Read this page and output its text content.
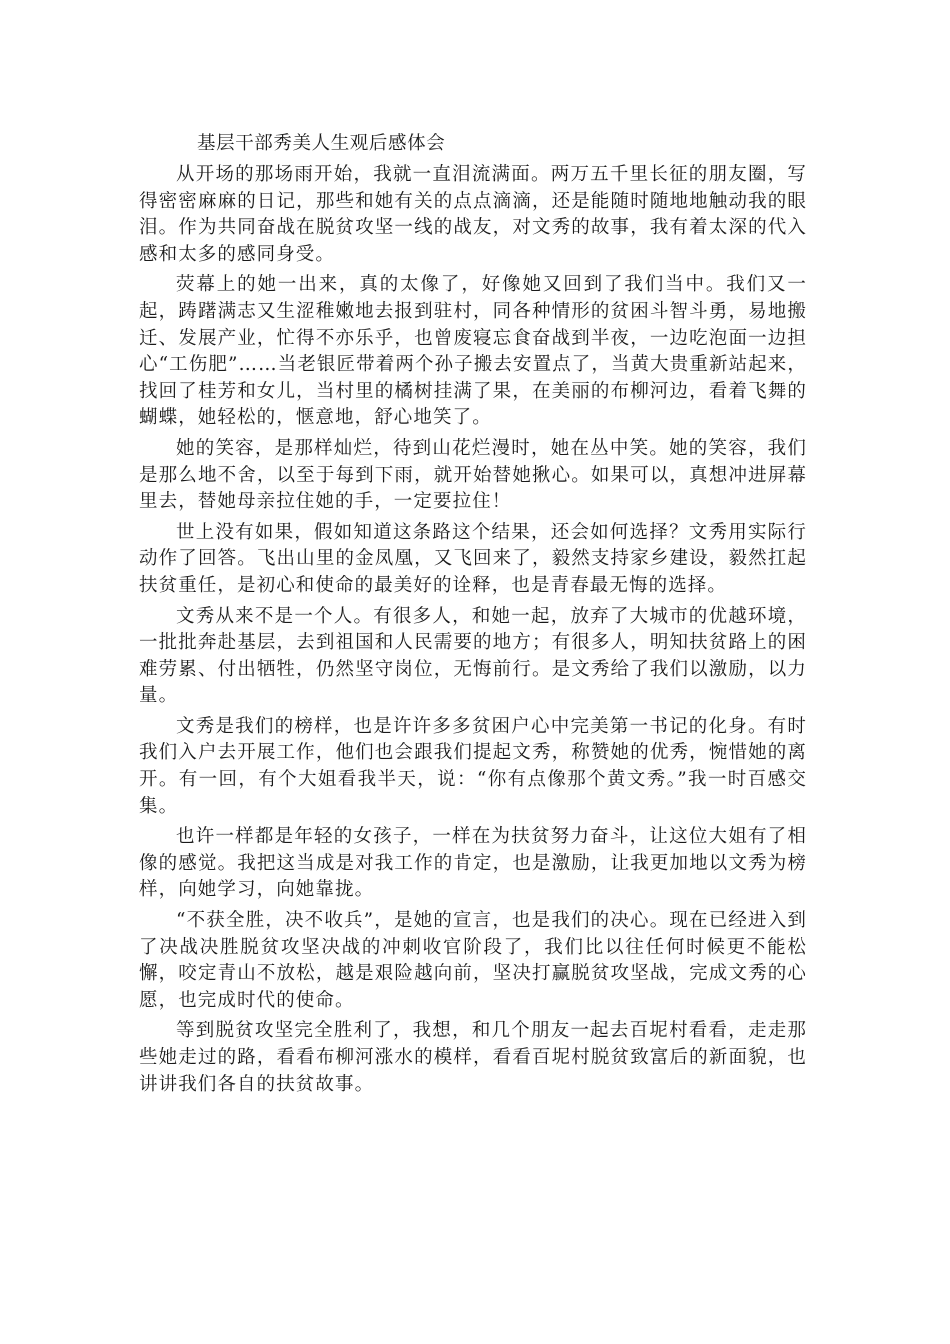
基层干部秀美人生观后感体会

从开场的那场雨开始，我就一直泪流满面。两万五千里长征的朋友圈，写得密密麻麻的日记，那些和她有关的点点滴滴，还是能随时随地地触动我的眼泪。作为共同奋战在脱贫攻坚一线的战友，对文秀的故事，我有着太深的代入感和太多的感同身受。

荧幕上的她一出来，真的太像了，好像她又回到了我们当中。我们又一起，踌躇满志又生涩稚嫩地去报到驻村，同各种情形的贫困斗智斗勇，易地搬迁、发展产业，忙得不亦乐乎，也曾废寝忘食奋战到半夜，一边吃泡面一边担心“工伤肥”……当老银匠带着两个孙子搬去安置点了，当黄大贵重新站起来，找回了桂芳和女儿，当村里的橘树挂满了果，在美丽的布柳河边，看着飞舞的蝴蝶，她轻松的，惬意地，舒心地笑了。

她的笑容，是那样灿烂，待到山花烂漫时，她在丛中笑。她的笑容，我们是那么地不舍，以至于每到下雨，就开始替她揪心。如果可以，真想冲进屏幕里去，替她母亲拉住她的手，一定要拉住！

世上没有如果，假如知道这条路这个结果，还会如何选择？文秀用实际行动作了回答。飞出山里的金凤凰，又飞回来了，毅然支持家乡建设，毅然扛起扶贫重任，是初心和使命的最美好的诠释，也是青春最无悔的选择。

文秀从来不是一个人。有很多人，和她一起，放弃了大城市的优越环境，一批批奔赴基层，去到祖国和人民需要的地方；有很多人，明知扶贫路上的困难劳累、付出牺牲，仍然坚守岗位，无悔前行。是文秀给了我们以激励，以力量。

文秀是我们的榜样，也是许许多多贫困户心中完美第一书记的化身。有时我们入户去开展工作，他们也会跟我们提起文秀，称赞她的优秀，惋惜她的离开。有一回，有个大姐看我半天，说：“你有点像那个黄文秀。”我一时百感交集。

也许一样都是年轻的女孩子，一样在为扶贫努力奋斗，让这位大姐有了相像的感觉。我把这当成是对我工作的肯定，也是激励，让我更加地以文秀为榜样，向她学习，向她靠拢。

“不获全胜，决不收兵”，是她的宣言，也是我们的决心。现在已经进入到了决战决胜脱贫攻坚决战的冲刺收官阶段了，我们比以往任何时候更不能松懈，咬定青山不放松，越是艰险越向前，坚决打赢脱贫攻坚战，完成文秀的心愿，也完成时代的使命。

等到脱贫攻坚完全胜利了，我想，和几个朋友一起去百坭村看看，走走那些她走过的路，看看布柳河涨水的模样，看看百坭村脱贫致富后的新面貌，也讲讲我们各自的扶贫故事。
